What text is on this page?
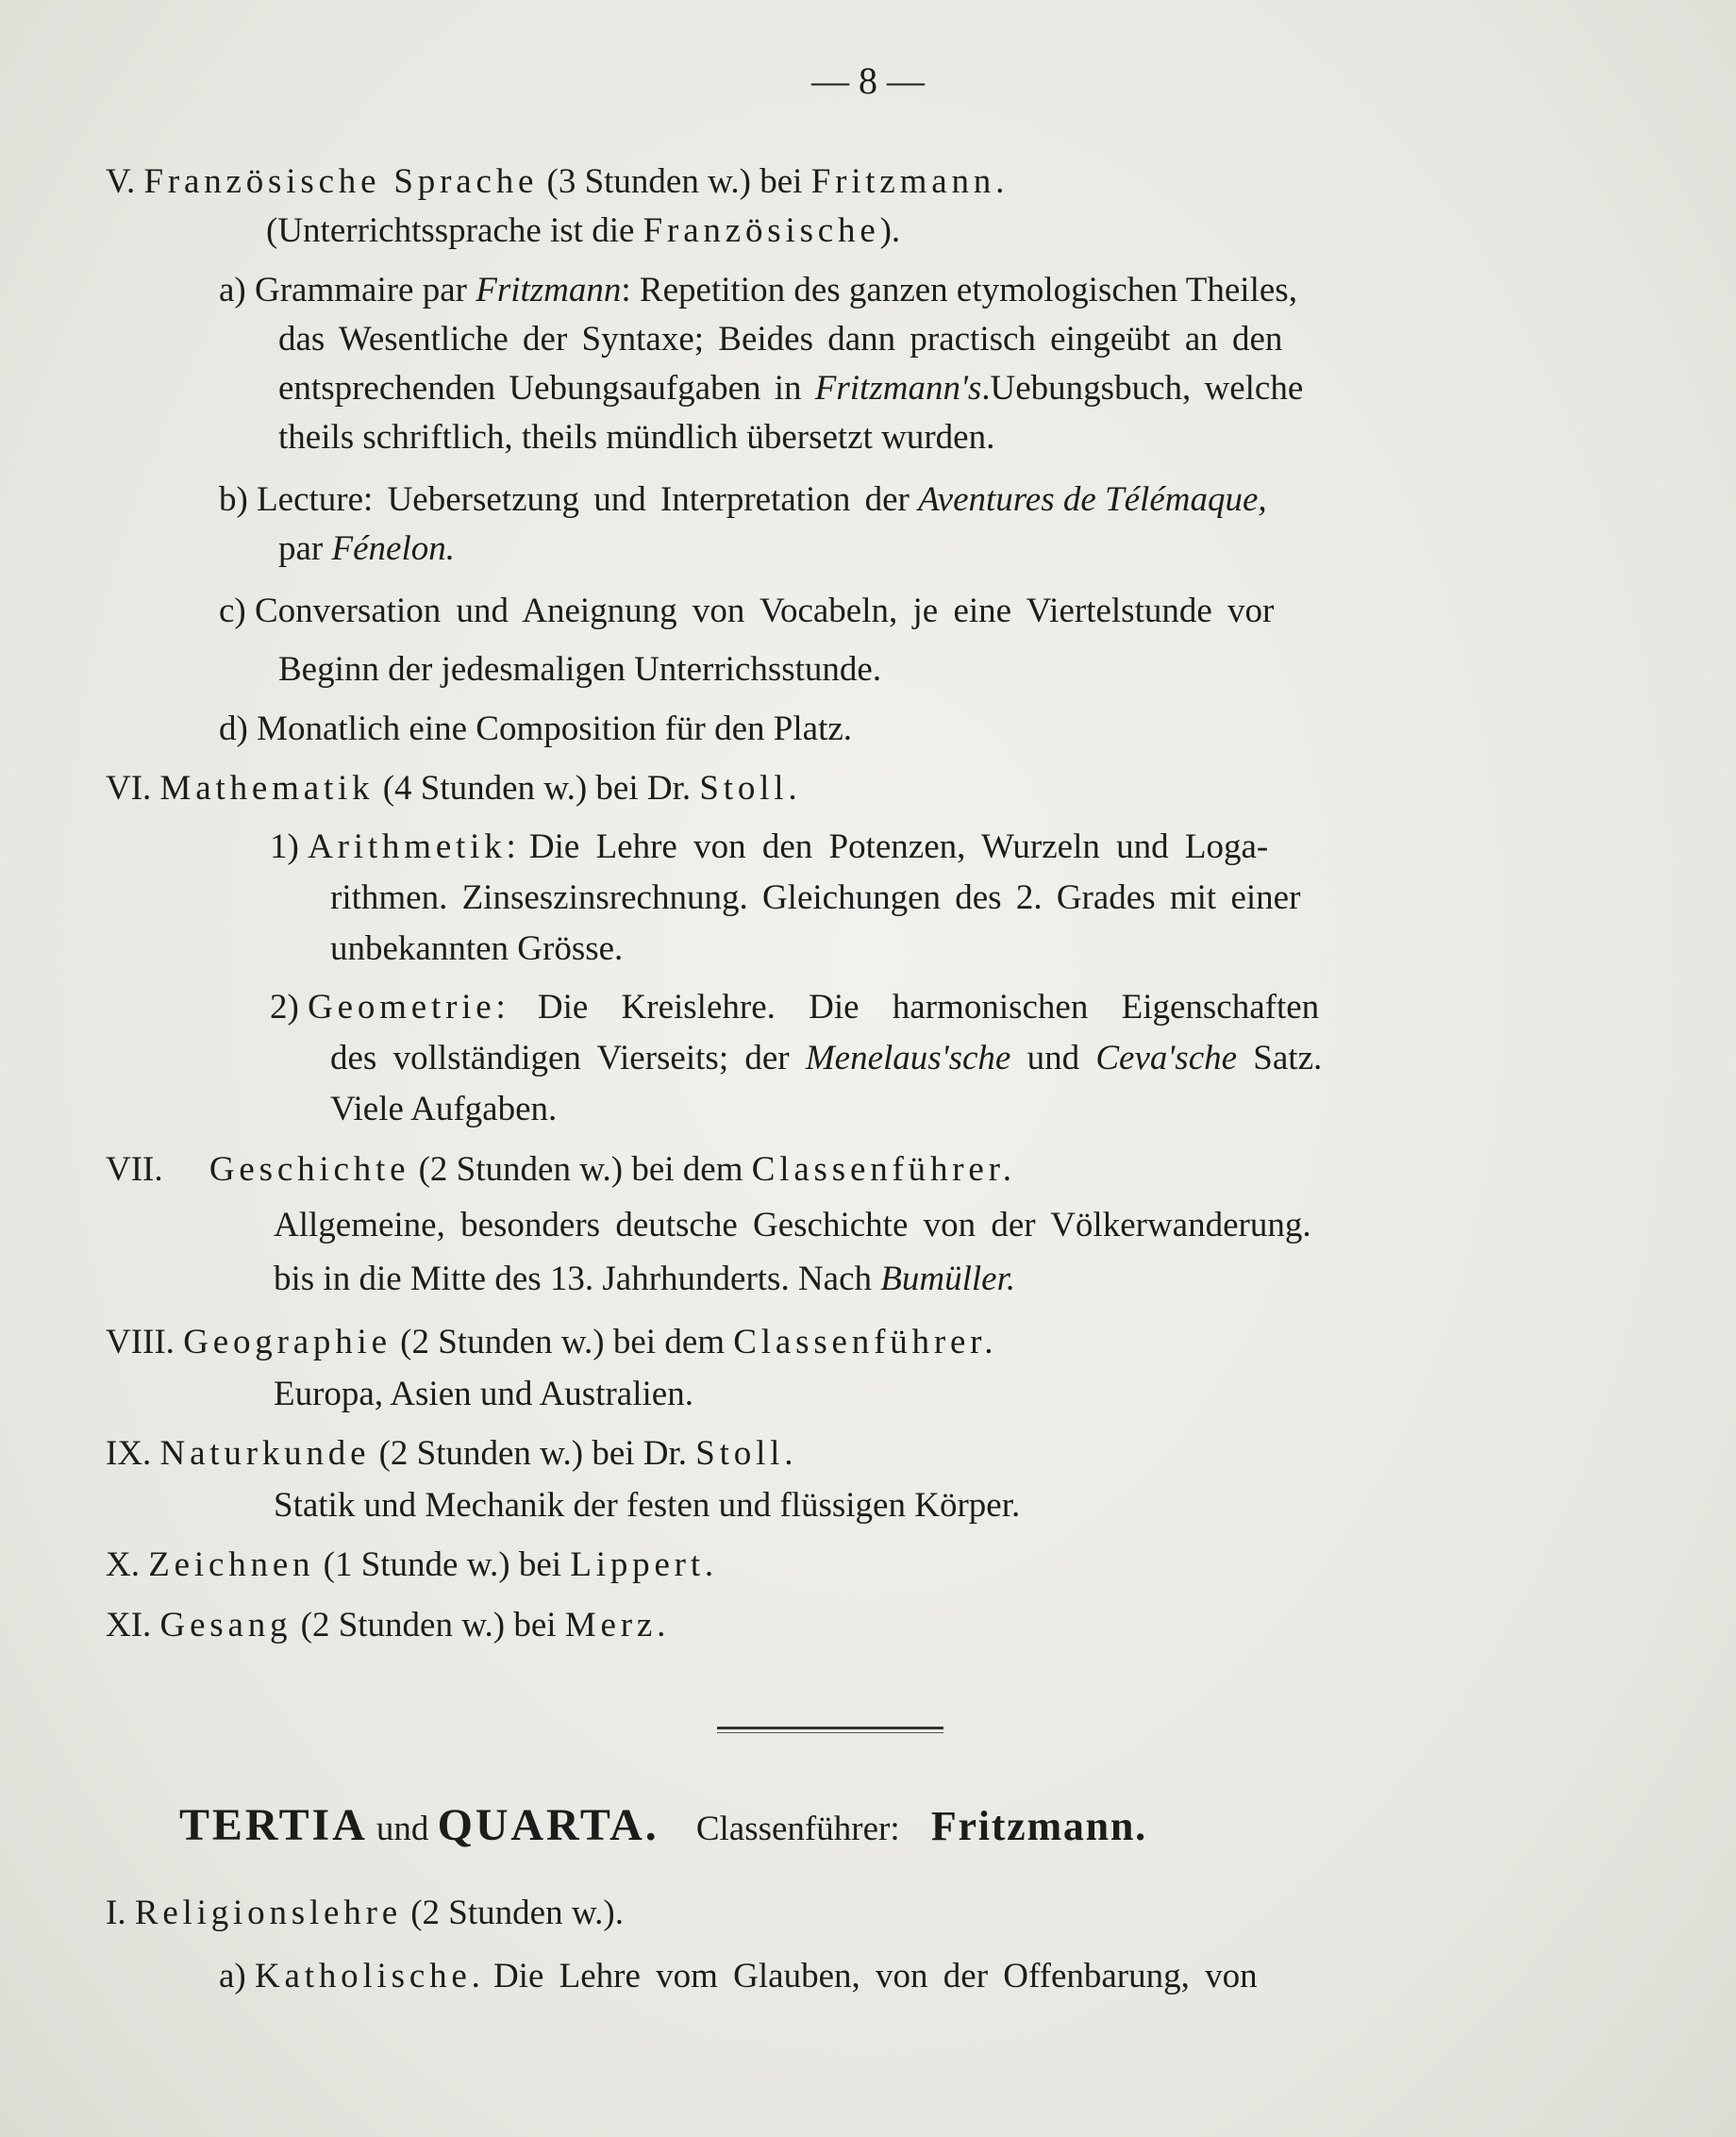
— 8 —
V. Französische Sprache (3 Stunden w.) bei Fritzmann.
(Unterrichtssprache ist die Französische).
a) Grammaire par Fritzmann: Repetition des ganzen etymologischen Theiles,
das Wesentliche der Syntaxe; Beides dann practisch eingeübt an den
entsprechenden Uebungsaufgaben in Fritzmann's.Uebungsbuch, welche
theils schriftlich, theils mündlich übersetzt wurden.
b) Lecture: Uebersetzung und Interpretation der Aventures de Télémaque,
par Fénelon.
c) Conversation und Aneignung von Vocabeln, je eine Viertelstunde vor
Beginn der jedesmaligen Unterrichsstunde.
d) Monatlich eine Composition für den Platz.
VI. Mathematik (4 Stunden w.) bei Dr. Stoll.
1) Arithmetik: Die Lehre von den Potenzen, Wurzeln und Loga-
rithmen. Zinseszinsrechnung. Gleichungen des 2. Grades mit einer
unbekannten Grösse.
2) Geometrie: Die Kreislehre. Die harmonischen Eigenschaften
des vollständigen Vierseits; der Menelaus'sche und Ceva'sche Satz.
Viele Aufgaben.
VII. Geschichte (2 Stunden w.) bei dem Classenführer.
Allgemeine, besonders deutsche Geschichte von der Völkerwanderung.
bis in die Mitte des 13. Jahrhunderts. Nach Bumüller.
VIII. Geographie (2 Stunden w.) bei dem Classenführer.
Europa, Asien und Australien.
IX. Naturkunde (2 Stunden w.) bei Dr. Stoll.
Statik und Mechanik der festen und flüssigen Körper.
X. Zeichnen (1 Stunde w.) bei Lippert.
XI. Gesang (2 Stunden w.) bei Merz.
TERTIA und QUARTA. Classenführer: Fritzmann.
I. Religionslehre (2 Stunden w.).
a) Katholische. Die Lehre vom Glauben, von der Offenbarung, von
